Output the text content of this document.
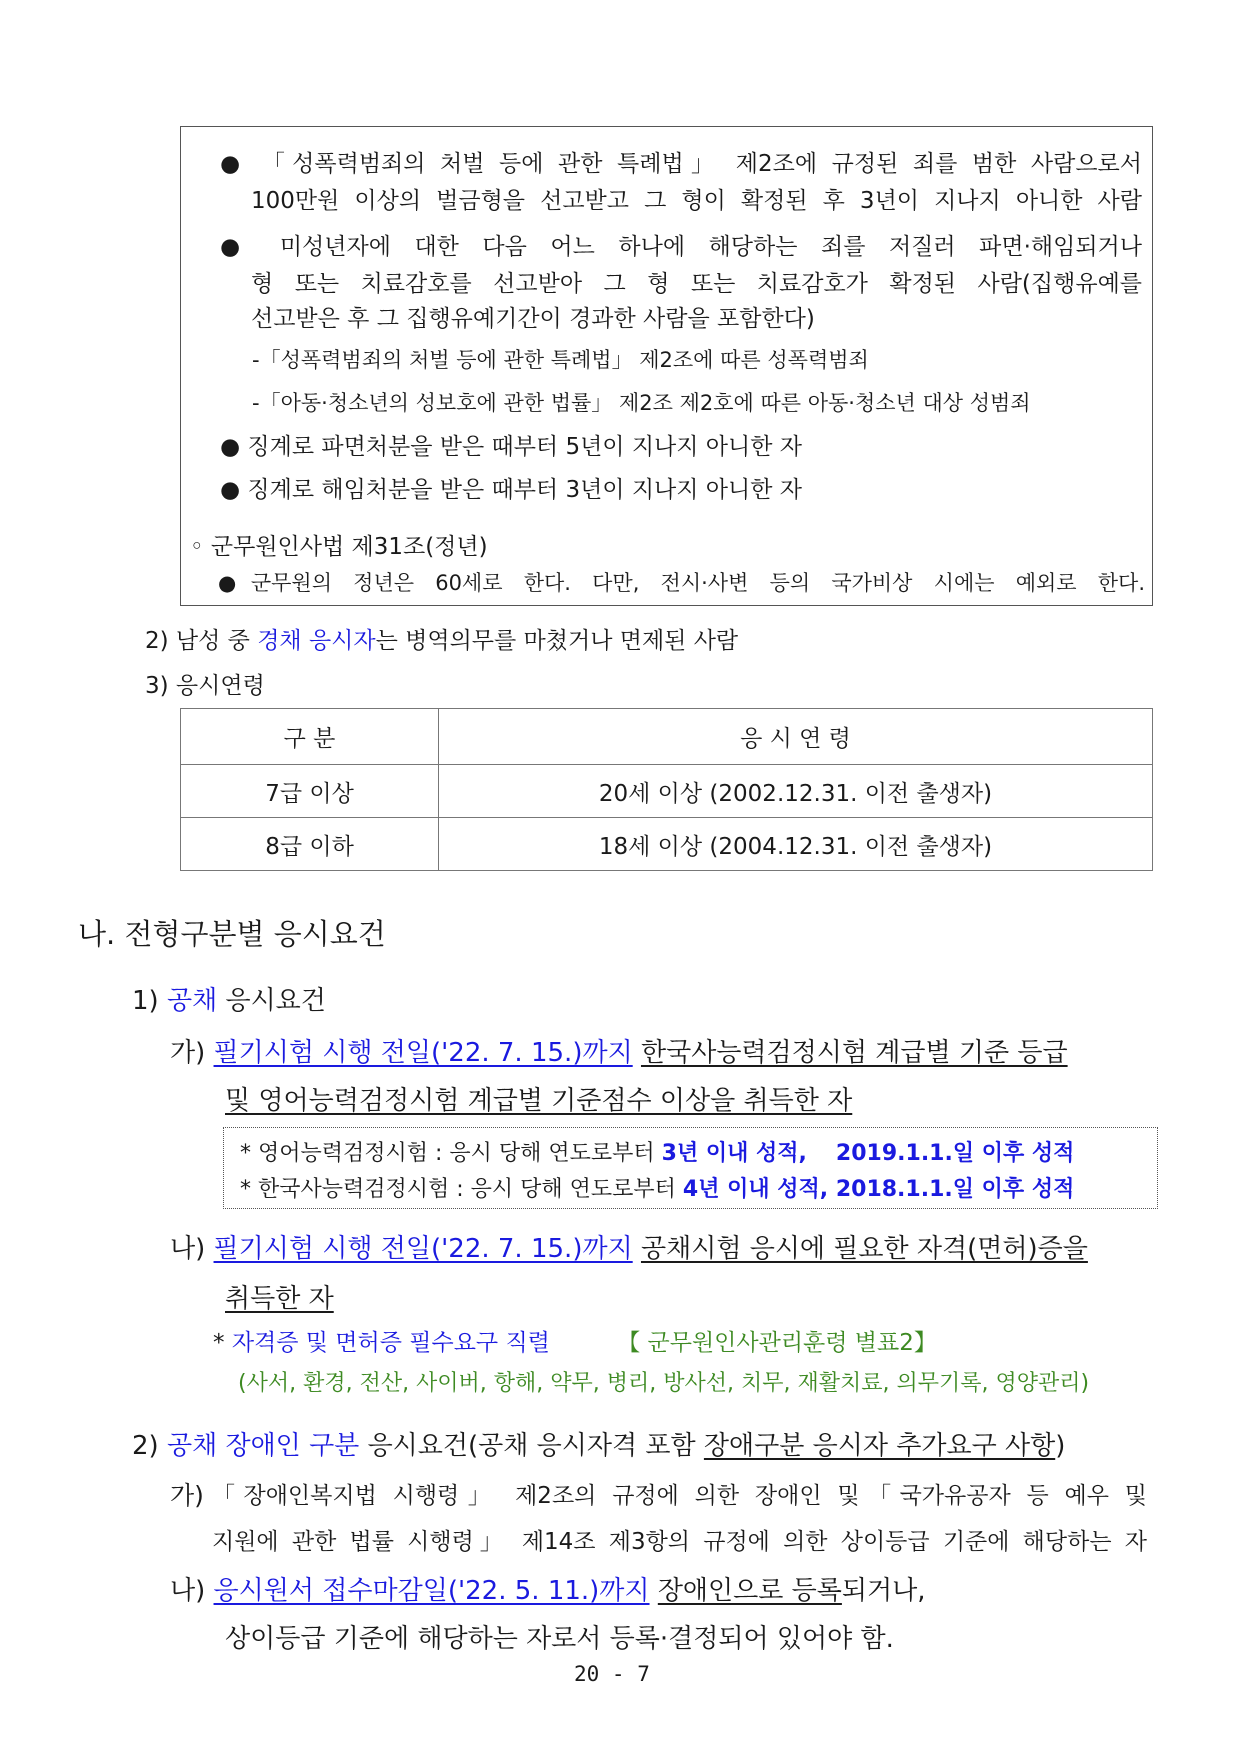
● 「성폭력범죄의 처벌 등에 관한 특례법」 제2조에 규정된 죄를 범한 사람으로서
100만원 이상의 벌금형을 선고받고 그 형이 확정된 후 3년이 지나지 아니한 사람
● 미성년자에 대한 다음 어느 하나에 해당하는 죄를 저질러 파면·해임되거나
형 또는 치료감호를 선고받아 그 형 또는 치료감호가 확정된 사람(집행유예를
선고받은 후 그 집행유예기간이 경과한 사람을 포함한다)
-「성폭력범죄의 처벌 등에 관한 특례법」 제2조에 따른 성폭력범죄
-「아동·청소년의 성보호에 관한 법률」 제2조 제2호에 따른 아동·청소년 대상 성범죄
● 징계로 파면처분을 받은 때부터 5년이 지나지 아니한 자
● 징계로 해임처분을 받은 때부터 3년이 지나지 아니한 자
◦ 군무원인사법 제31조(정년)
●군무원의 정년은 60세로 한다. 다만, 전시·사변 등의 국가비상 시에는 예외로 한다.
2) 남성 중 경채 응시자는 병역의무를 마쳤거나 면제된 사람
3) 응시연령
구 분	응 시 연 령
7급 이상	20세 이상 (2002.12.31. 이전 출생자)
8급 이하	18세 이상 (2004.12.31. 이전 출생자)
나. 전형구분별 응시요건
1) 공채 응시요건
가) 필기시험 시행 전일('22. 7. 15.)까지 한국사능력검정시험 계급별 기준 등급
및 영어능력검정시험 계급별 기준점수 이상을 취득한 자
* 영어능력검정시험 : 응시 당해 연도로부터 3년 이내 성적, 2019.1.1.일 이후 성적
* 한국사능력검정시험 : 응시 당해 연도로부터 4년 이내 성적, 2018.1.1.일 이후 성적
나) 필기시험 시행 전일('22. 7. 15.)까지 공채시험 응시에 필요한 자격(면허)증을
취득한 자
* 자격증 및 면허증 필수요구 직렬	【 군무원인사관리훈령 별표2】
(사서, 환경, 전산, 사이버, 항해, 약무, 병리, 방사선, 치무, 재활치료, 의무기록, 영양관리)
2) 공채 장애인 구분 응시요건(공채 응시자격 포함 장애구분 응시자 추가요구 사항)
가) 「장애인복지법 시행령」 제2조의 규정에 의한 장애인 및「국가유공자 등 예우 및
지원에 관한 법률 시행령」 제14조 제3항의 규정에 의한 상이등급 기준에 해당하는 자
나) 응시원서 접수마감일('22. 5. 11.)까지 장애인으로 등록되거나,
상이등급 기준에 해당하는 자로서 등록·결정되어 있어야 함.
20 - 7
